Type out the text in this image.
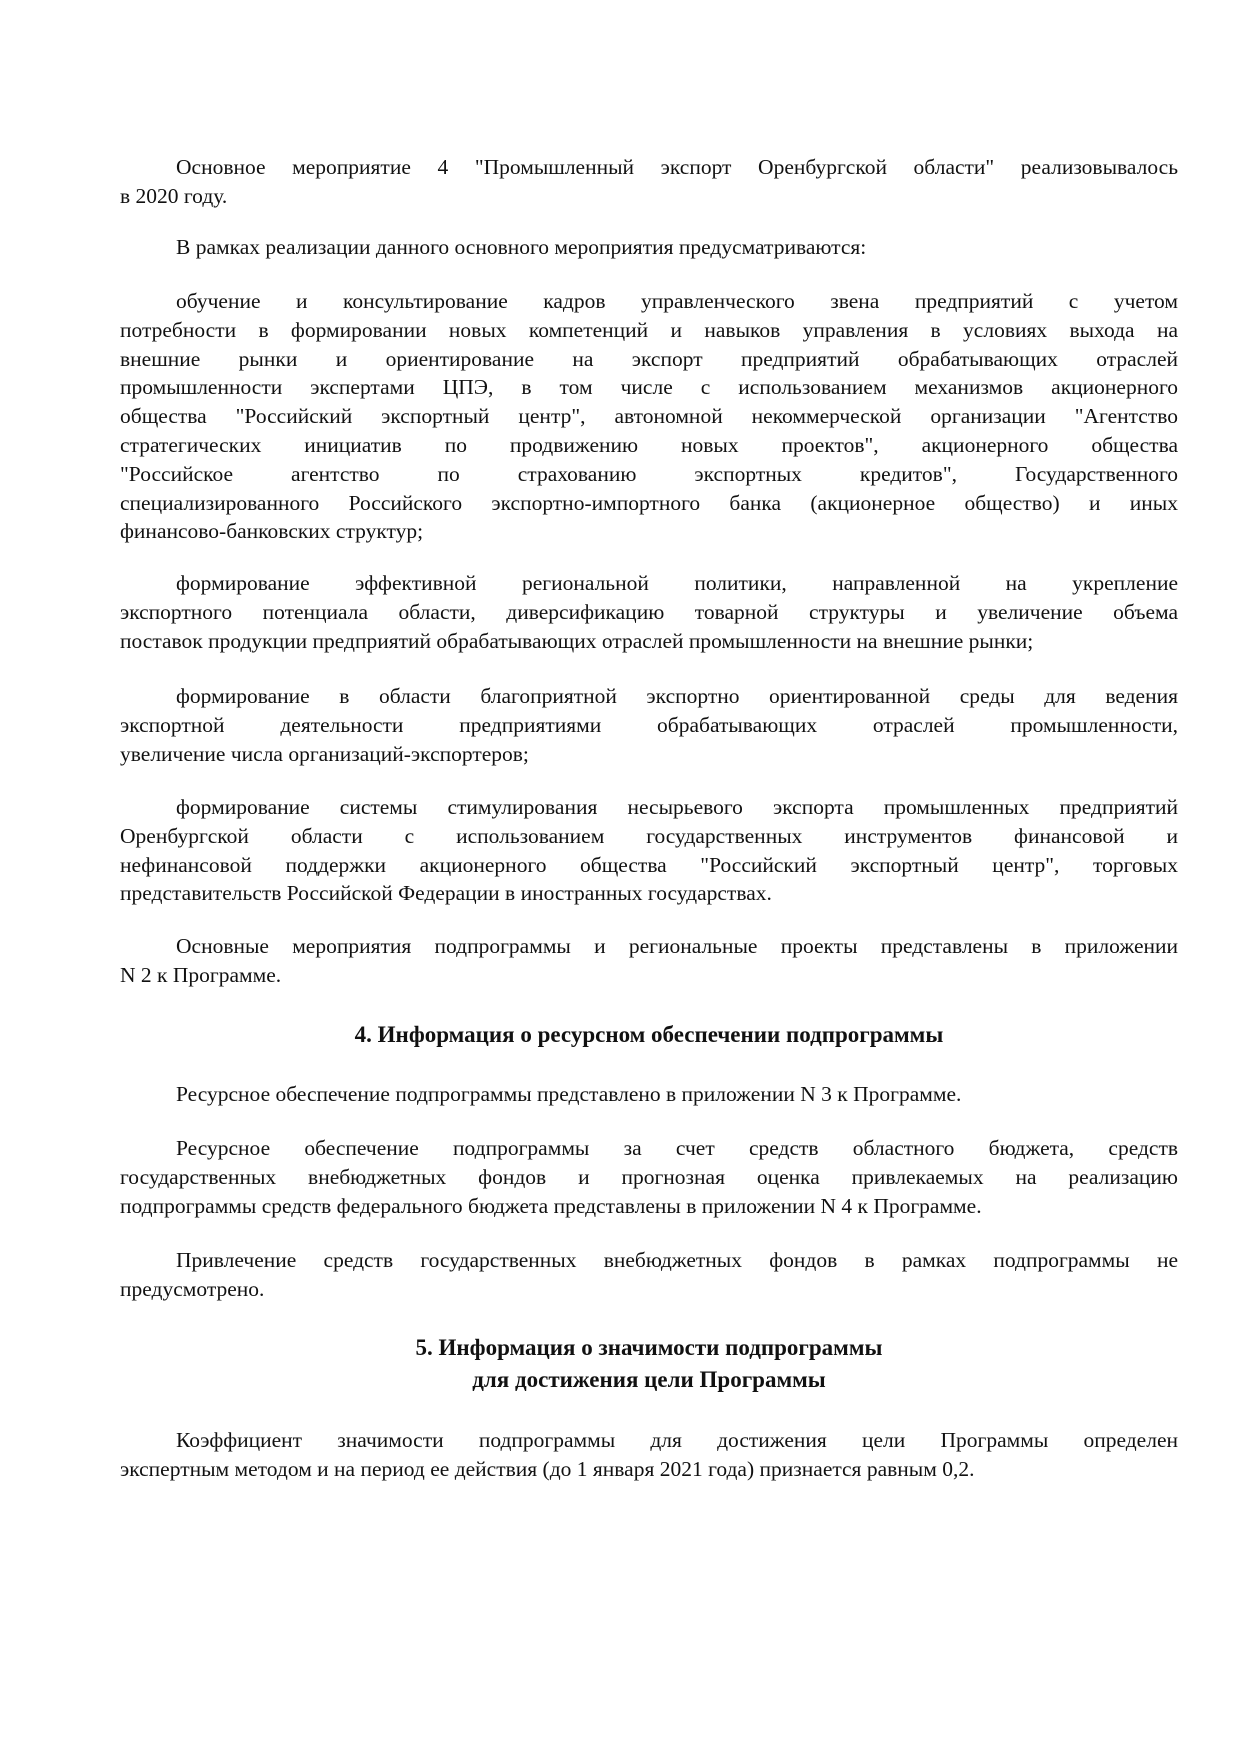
Основное мероприятие 4 "Промышленный экспорт Оренбургской области" реализовывалось
в 2020 году.
В рамках реализации данного основного мероприятия предусматриваются:
обучение и консультирование кадров управленческого звена предприятий с учетом
потребности в формировании новых компетенций и навыков управления в условиях выхода на
внешние рынки и ориентирование на экспорт предприятий обрабатывающих отраслей
промышленности экспертами ЦПЭ, в том числе с использованием механизмов акционерного
общества "Российский экспортный центр", автономной некоммерческой организации "Агентство
стратегических инициатив по продвижению новых проектов", акционерного общества
"Российское агентство по страхованию экспортных кредитов", Государственного
специализированного Российского экспортно-импортного банка (акционерное общество) и иных
финансово-банковских структур;
формирование эффективной региональной политики, направленной на укрепление
экспортного потенциала области, диверсификацию товарной структуры и увеличение объема
поставок продукции предприятий обрабатывающих отраслей промышленности на внешние рынки;
формирование в области благоприятной экспортно ориентированной среды для ведения
экспортной деятельности предприятиями обрабатывающих отраслей промышленности,
увеличение числа организаций-экспортеров;
формирование системы стимулирования несырьевого экспорта промышленных предприятий
Оренбургской области с использованием государственных инструментов финансовой и
нефинансовой поддержки акционерного общества "Российский экспортный центр", торговых
представительств Российской Федерации в иностранных государствах.
Основные мероприятия подпрограммы и региональные проекты представлены в приложении
N 2 к Программе.
4. Информация о ресурсном обеспечении подпрограммы
Ресурсное обеспечение подпрограммы представлено в приложении N 3 к Программе.
Ресурсное обеспечение подпрограммы за счет средств областного бюджета, средств
государственных внебюджетных фондов и прогнозная оценка привлекаемых на реализацию
подпрограммы средств федерального бюджета представлены в приложении N 4 к Программе.
Привлечение средств государственных внебюджетных фондов в рамках подпрограммы не
предусмотрено.
5. Информация о значимости подпрограммы
для достижения цели Программы
Коэффициент значимости подпрограммы для достижения цели Программы определен
экспертным методом и на период ее действия (до 1 января 2021 года) признается равным 0,2.
